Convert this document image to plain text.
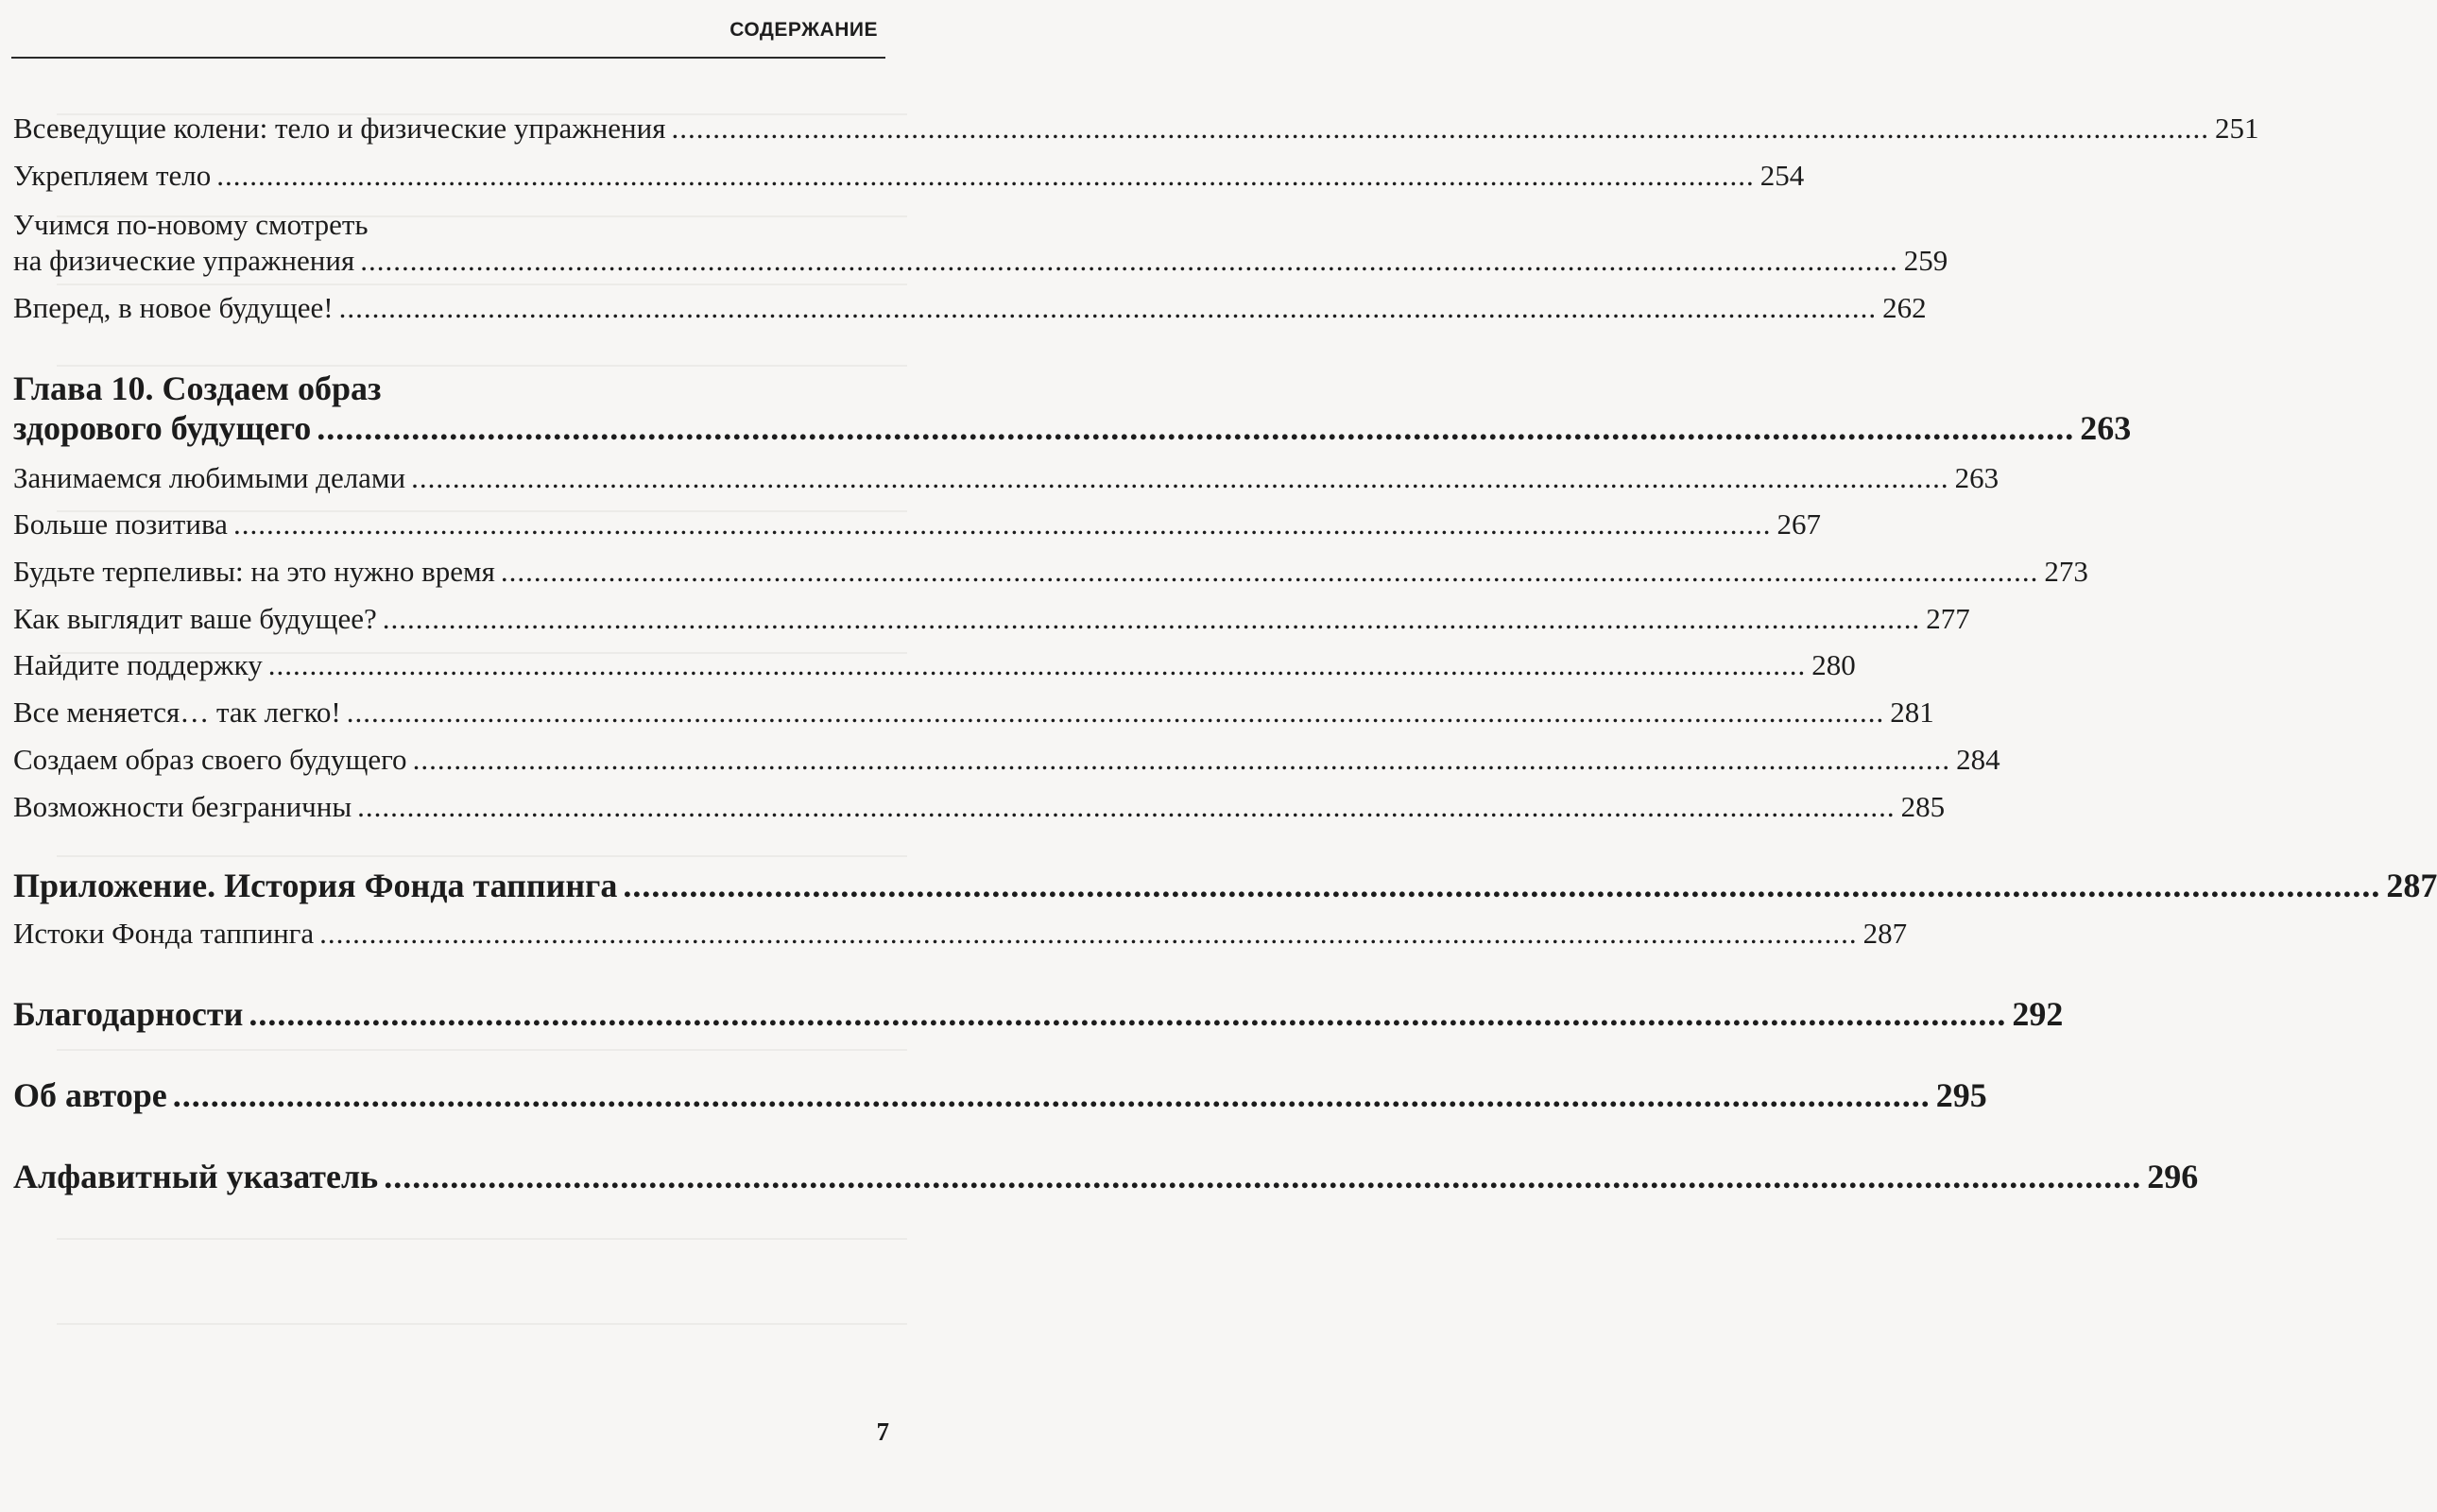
СОДЕРЖАНИЕ
Всеведущие колени: тело и физические упражнения .......................................................................................................................................................................................... 251
Укрепляем тело .......................................................................................................................................................................................... 254
Учимся по-новому смотреть
на физические упражнения .......................................................................................................................................................................................... 259
Вперед, в новое будущее! .......................................................................................................................................................................................... 262
Глава 10. Создаем образ
здорового будущего .......................................................................................................................................................................................... 263
Занимаемся любимыми делами .......................................................................................................................................................................................... 263
Больше позитива .......................................................................................................................................................................................... 267
Будьте терпеливы: на это нужно время .......................................................................................................................................................................................... 273
Как выглядит ваше будущее? .......................................................................................................................................................................................... 277
Найдите поддержку .......................................................................................................................................................................................... 280
Все меняется… так легко! .......................................................................................................................................................................................... 281
Создаем образ своего будущего .......................................................................................................................................................................................... 284
Возможности безграничны .......................................................................................................................................................................................... 285
Приложение. История Фонда таппинга .......................................................................................................................................................................................... 287
Истоки Фонда таппинга .......................................................................................................................................................................................... 287
Благодарности .......................................................................................................................................................................................... 292
Об авторе .......................................................................................................................................................................................... 295
Алфавитный указатель .......................................................................................................................................................................................... 296
7
